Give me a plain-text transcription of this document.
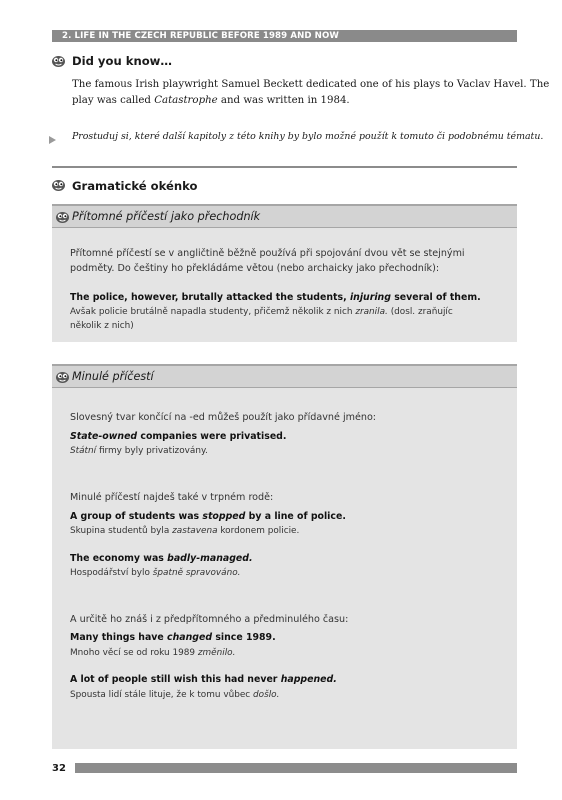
2. LIFE IN THE CZECH REPUBLIC BEFORE 1989 AND NOW
Did you know…
The famous Irish playwright Samuel Beckett dedicated one of his plays to Vaclav Havel. The
play was called Catastrophe and was written in 1984.
Prostuduj si, které další kapitoly z této knihy by bylo možné použít k tomuto či podobnému tématu.
Gramatické okénko
Přítomné příčestí jako přechodník
Přítomné příčestí se v angličtině běžně používá při spojování dvou vět se stejnými
podměty. Do češtiny ho překládáme větou (nebo archaicky jako přechodník):
The police, however, brutally attacked the students, injuring several of them.
Avšak policie brutálně napadla studenty, přičemž několik z nich zranila. (dosl. zraňujíc
několik z nich)
Minulé příčestí
Slovesný tvar končící na -ed můžeš použít jako přídavné jméno:
State-owned companies were privatised.
Státní firmy byly privatizovány.
Minulé příčestí najdeš také v trpném rodě:
A group of students was stopped by a line of police.
Skupina studentů byla zastavena kordonem policie.
The economy was badly-managed.
Hospodářství bylo špatně spravováno.
A určitě ho znáš i z předpřítomného a předminulého času:
Many things have changed since 1989.
Mnoho věcí se od roku 1989 změnilo.
A lot of people still wish this had never happened.
Spousta lidí stále lituje, že k tomu vůbec došlo.
32
